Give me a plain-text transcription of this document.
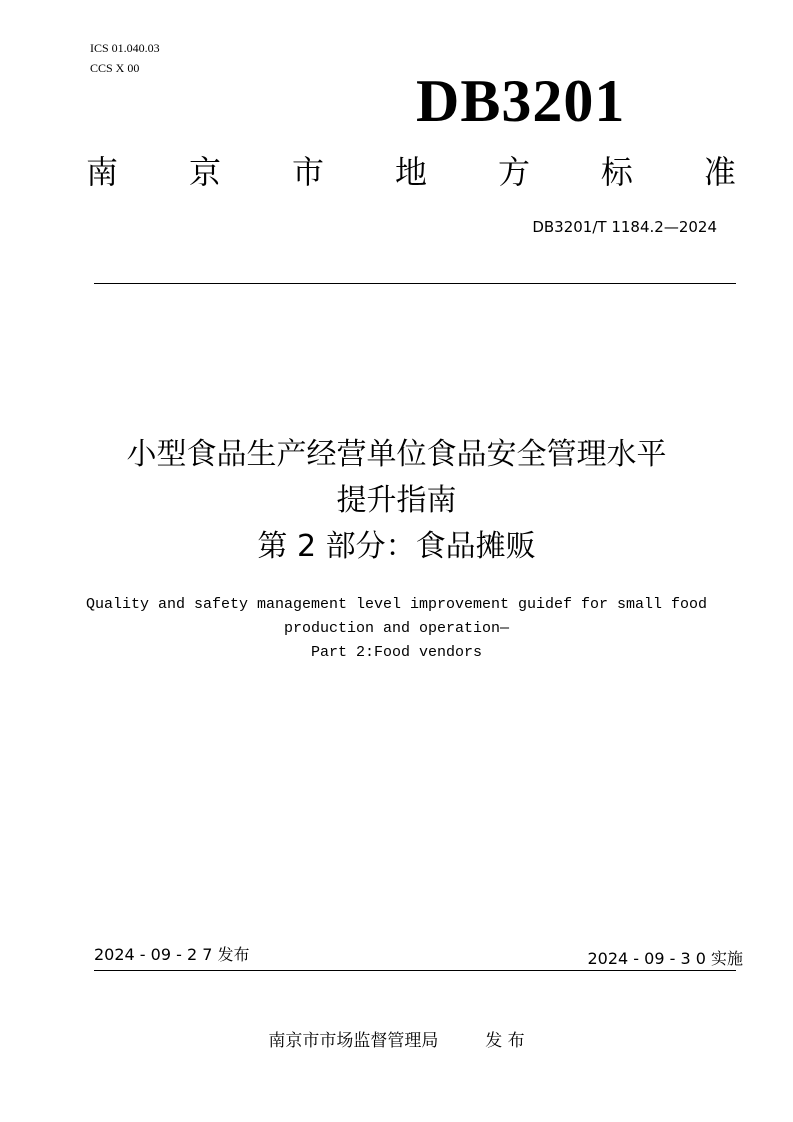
ICS 01.040.03
CCS X 00	DB3201
南 京 市 地 方 标 准
DB3201/T 1184.2—2024
小型食品生产经营单位食品安全管理水平
提升指南
第 2 部分：食品摊贩
Quality and safety management level improvement guidef for small food
production and operation—
Part 2:Food vendors
2024 - 09 - 2 7 发布	2024 - 09 - 3 0 实施
南京市市场监督管理局	发 布
